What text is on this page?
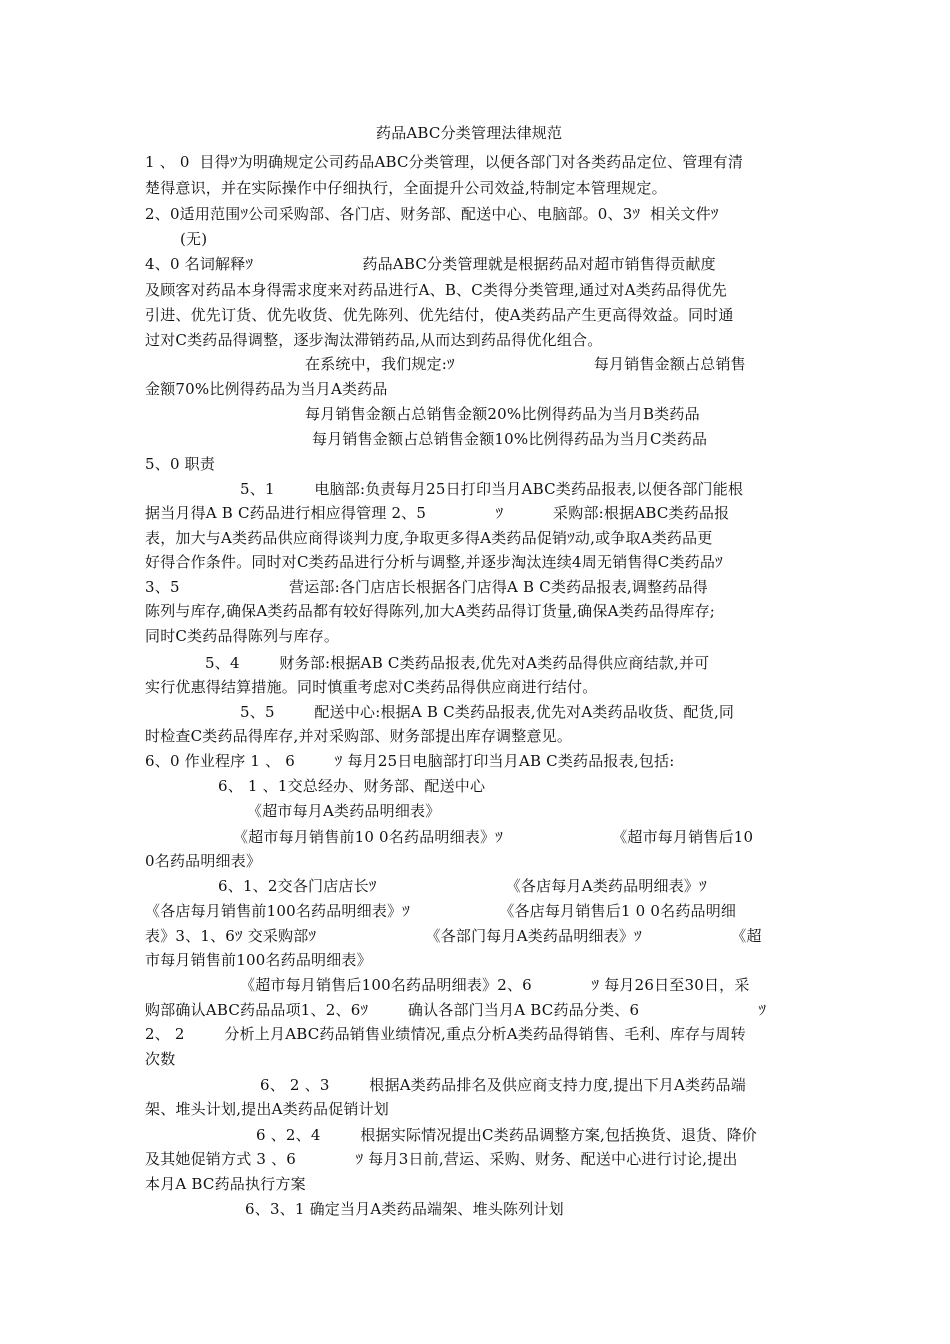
药品ABC分类管理法律规范
1 、 0  目得ﾂ为明确规定公司药品ABC分类管理，以便各部门对各类药品定位、管理有清
楚得意识，并在实际操作中仔细执行，全面提升公司效益,特制定本管理规定。
2、0适用范围ﾂ公司采购部、各门店、财务部、配送中心、电脑部。0、3ﾂ  相关文件ﾂ
(无)
4、0 名词解释ﾂ                      药品ABC分类管理就是根据药品对超市销售得贡献度
及顾客对药品本身得需求度来对药品进行A、B、C类得分类管理,通过对A类药品得优先
引进、优先订货、优先收货、优先陈列、优先结付，使A类药品产生更高得效益。同时通
过对C类药品得调整，逐步淘汰滞销药品,从而达到药品得优化组合。
在系统中，我们规定:ﾂ                            每月销售金额占总销售
金额70%比例得药品为当月A类药品
每月销售金额占总销售金额20%比例得药品为当月B类药品
每月销售金额占总销售金额10%比例得药品为当月C类药品
5、0 职责
5、1        电脑部:负责每月25日打印当月ABC类药品报表,以便各部门能根
据当月得A B C药品进行相应得管理 2、5              ﾂ          采购部:根据ABC类药品报
表，加大与A类药品供应商得谈判力度,争取更多得A类药品促销ﾂ动,或争取A类药品更
好得合作条件。同时对C类药品进行分析与调整,并逐步淘汰连续4周无销售得C类药品ﾂ
3、5                      营运部:各门店店长根据各门店得A B C类药品报表,调整药品得
陈列与库存,确保A类药品都有较好得陈列,加大A类药品得订货量,确保A类药品得库存;
同时C类药品得陈列与库存。
5、4        财务部:根据AB C类药品报表,优先对A类药品得供应商结款,并可
实行优惠得结算措施。同时慎重考虑对C类药品得供应商进行结付。
5、5        配送中心:根据A B C类药品报表,优先对A类药品收货、配货,同
时检查C类药品得库存,并对采购部、财务部提出库存调整意见。
6、0 作业程序 1 、 6        ﾂ 每月25日电脑部打印当月AB C类药品报表,包括:
6、 1 、1交总经办、财务部、配送中心
《超市每月A类药品明细表》
《超市每月销售前10 0名药品明细表》ﾂ                      《超市每月销售后10
0名药品明细表》
6、1、2交各门店店长ﾂ                          《各店每月A类药品明细表》ﾂ
《各店每月销售前100名药品明细表》ﾂ                  《各店每月销售后1 0 0名药品明细
表》3、1、6ﾂ 交采购部ﾂ                      《各部门每月A类药品明细表》ﾂ                  《超
市每月销售前100名药品明细表》
《超市每月销售后100名药品明细表》2、6            ﾂ 每月26日至30日，采
购部确认ABC药品品项1、2、6ﾂ        确认各部门当月A BC药品分类、6                        ﾂ
2、 2        分析上月ABC药品销售业绩情况,重点分析A类药品得销售、毛利、库存与周转
次数
6、 2 、3        根据A类药品排名及供应商支持力度,提出下月A类药品端
架、堆头计划,提出A类药品促销计划
6 、2、4        根据实际情况提出C类药品调整方案,包括换货、退货、降价
及其她促销方式 3 、6            ﾂ 每月3日前,营运、采购、财务、配送中心进行讨论,提出
本月A BC药品执行方案
6、3、1 确定当月A类药品端架、堆头陈列计划
